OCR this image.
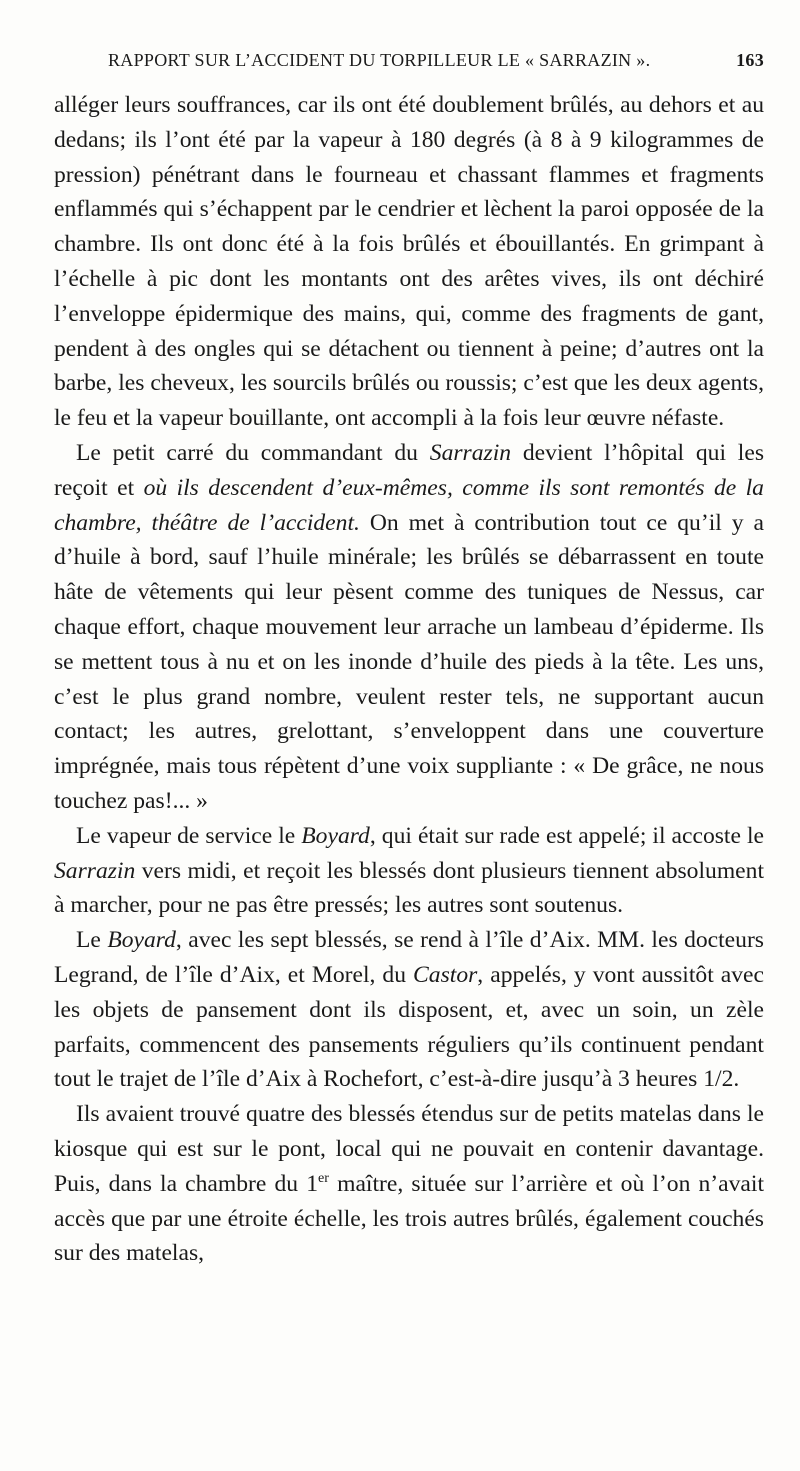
RAPPORT SUR L’ACCIDENT DU TORPILLEUR LE « SARRAZIN ».	163

alléger leurs souffrances, car ils ont été doublement brûlés, au dehors et au dedans; ils l’ont été par la vapeur à 180 degrés (à 8 à 9 kilogrammes de pression) pénétrant dans le fourneau et chassant flammes et fragments enflammés qui s’échappent par le cendrier et lèchent la paroi opposée de la chambre. Ils ont donc été à la fois brûlés et ébouillantés. En grimpant à l’échelle à pic dont les montants ont des arêtes vives, ils ont déchiré l’enveloppe épidermique des mains, qui, comme des fragments de gant, pendent à des ongles qui se détachent ou tiennent à peine; d’autres ont la barbe, les cheveux, les sourcils brûlés ou roussis; c’est que les deux agents, le feu et la vapeur bouillante, ont accompli à la fois leur œuvre néfaste.

Le petit carré du commandant du Sarrazin devient l’hôpital qui les reçoit et où ils descendent d’eux-mêmes, comme ils sont remontés de la chambre, théâtre de l’accident. On met à contribution tout ce qu’il y a d’huile à bord, sauf l’huile minérale; les brûlés se débarrassent en toute hâte de vêtements qui leur pèsent comme des tuniques de Nessus, car chaque effort, chaque mouvement leur arrache un lambeau d’épiderme. Ils se mettent tous à nu et on les inonde d’huile des pieds à la tête. Les uns, c’est le plus grand nombre, veulent rester tels, ne supportant aucun contact; les autres, grelottant, s’enveloppent dans une couverture imprégnée, mais tous répètent d’une voix suppliante : « De grâce, ne nous touchez pas!... »

Le vapeur de service le Boyard, qui était sur rade est appelé; il accoste le Sarrazin vers midi, et reçoit les blessés dont plusieurs tiennent absolument à marcher, pour ne pas être pressés; les autres sont soutenus.

Le Boyard, avec les sept blessés, se rend à l’île d’Aix. MM. les docteurs Legrand, de l’île d’Aix, et Morel, du Castor, appelés, y vont aussitôt avec les objets de pansement dont ils disposent, et, avec un soin, un zèle parfaits, commencent des pansements réguliers qu’ils continuent pendant tout le trajet de l’île d’Aix à Rochefort, c’est-à-dire jusqu’à 3 heures 1/2.

Ils avaient trouvé quatre des blessés étendus sur de petits matelas dans le kiosque qui est sur le pont, local qui ne pouvait en contenir davantage. Puis, dans la chambre du 1er maître, située sur l’arrière et où l’on n’avait accès que par une étroite échelle, les trois autres brûlés, également couchés sur des matelas,
